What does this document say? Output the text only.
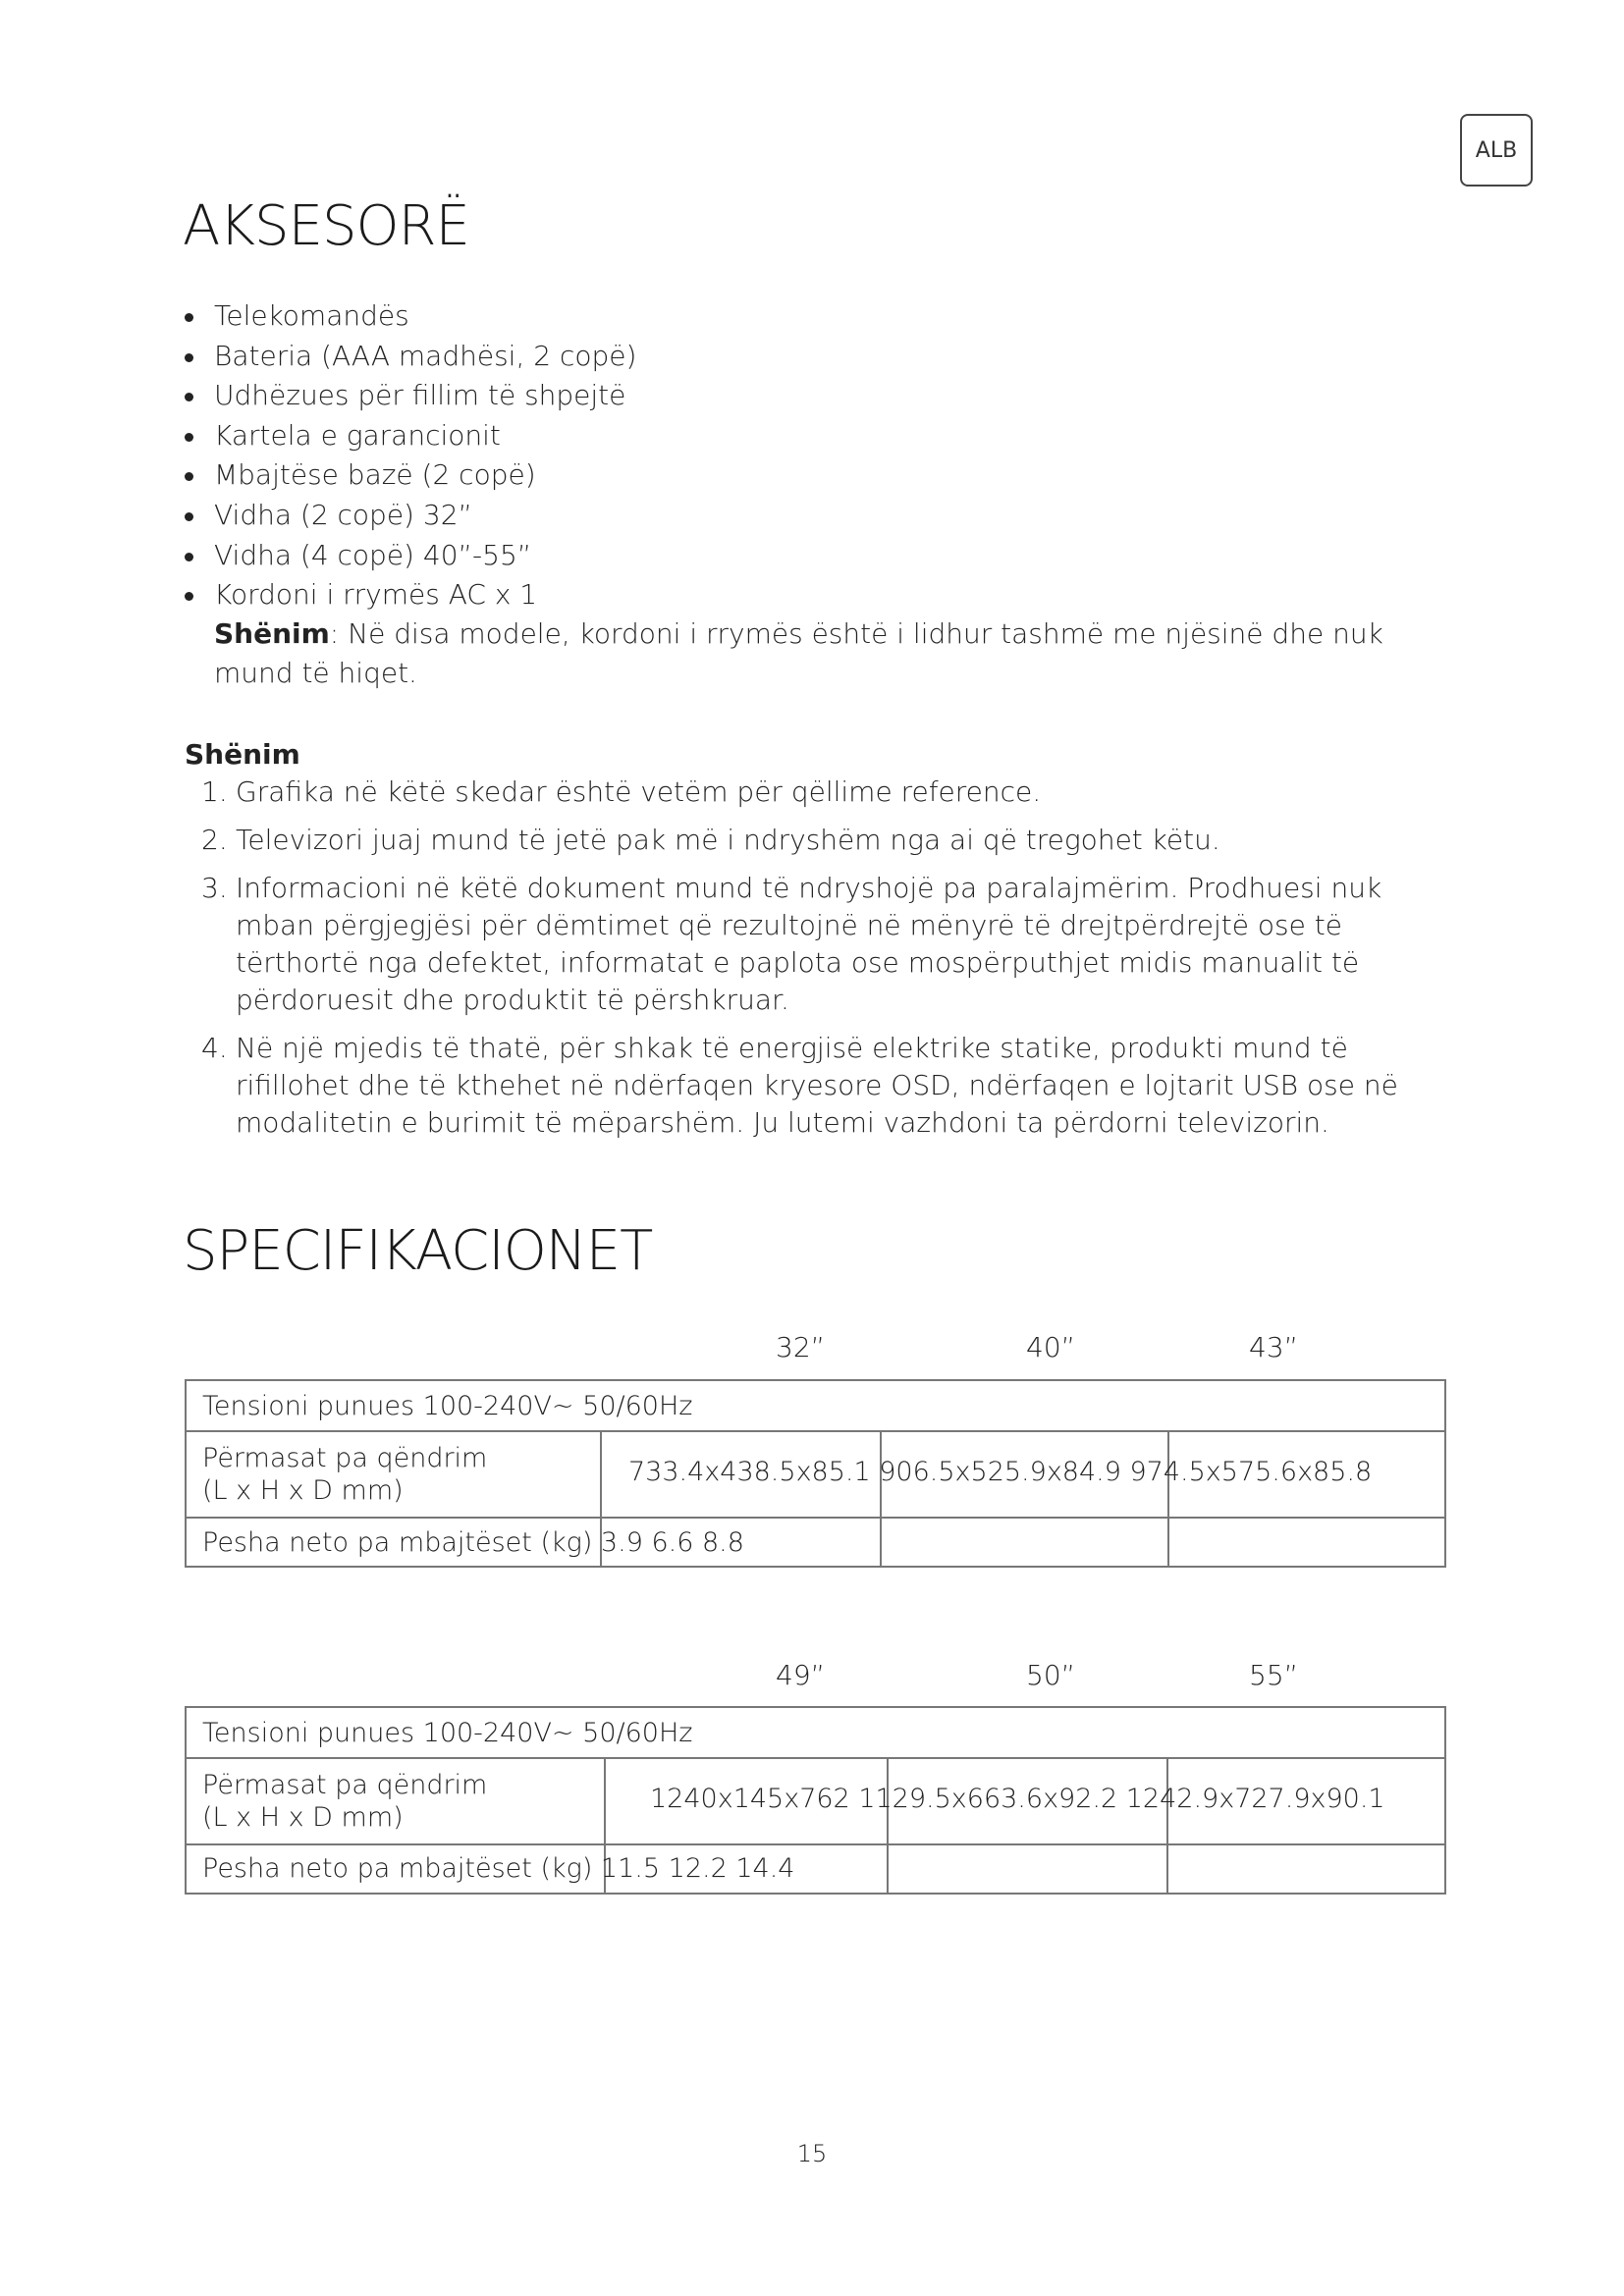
ALB
AKSESORË
Telekomandës
Bateria (AAA madhësi, 2 copë)
Udhëzues për fillim të shpejtë
Kartela e garancionit
Mbajtëse bazë (2 copë)
Vidha (2 copë) 32”
Vidha (4 copë) 40”-55”
Kordoni i rrymës AC x 1
Shënim: Në disa modele, kordoni i rrymës është i lidhur tashmë me njësinë dhe nuk mund të hiqet.
Shënim
1. Grafika në këtë skedar është vetëm për qëllime reference.
2. Televizori juaj mund të jetë pak më i ndryshëm nga ai që tregohet këtu.
3. Informacioni në këtë dokument mund të ndryshojë pa paralajmërim. Prodhuesi nuk mban përgjegjësi për dëmtimet që rezultojnë në mënyrë të drejtpërdrejtë ose të tërthortë nga defektet, informatat e paplota ose mospërputhjet midis manualit të përdoruesit dhe produktit të përshkruar.
4. Në një mjedis të thatë, për shkak të energjisë elektrike statike, produkti mund të rifillohet dhe të kthehet në ndërfaqen kryesore OSD, ndërfaqen e lojtarit USB ose në modalitetin e burimit të mëparshëm. Ju lutemi vazhdoni ta përdorni televizorin.
SPECIFIKACIONET
32”	40”	43”
Tensioni punues 100-240V~ 50/60Hz			

Përmasat pa qëndrim
(L x H x D mm)			

733.4x438.5x85.1 906.5x525.9x84.9 974.5x575.6x85.8
Pesha neto pa mbajtëset (kg) 3.9 6.6 8.8
49”	50”	55”
Tensioni punues 100-240V~ 50/60Hz			

Përmasat pa qëndrim
(L x H x D mm)			

1240x145x762 1129.5x663.6x92.2 1242.9x727.9x90.1
Pesha neto pa mbajtëset (kg) 11.5 12.2 14.4
15
